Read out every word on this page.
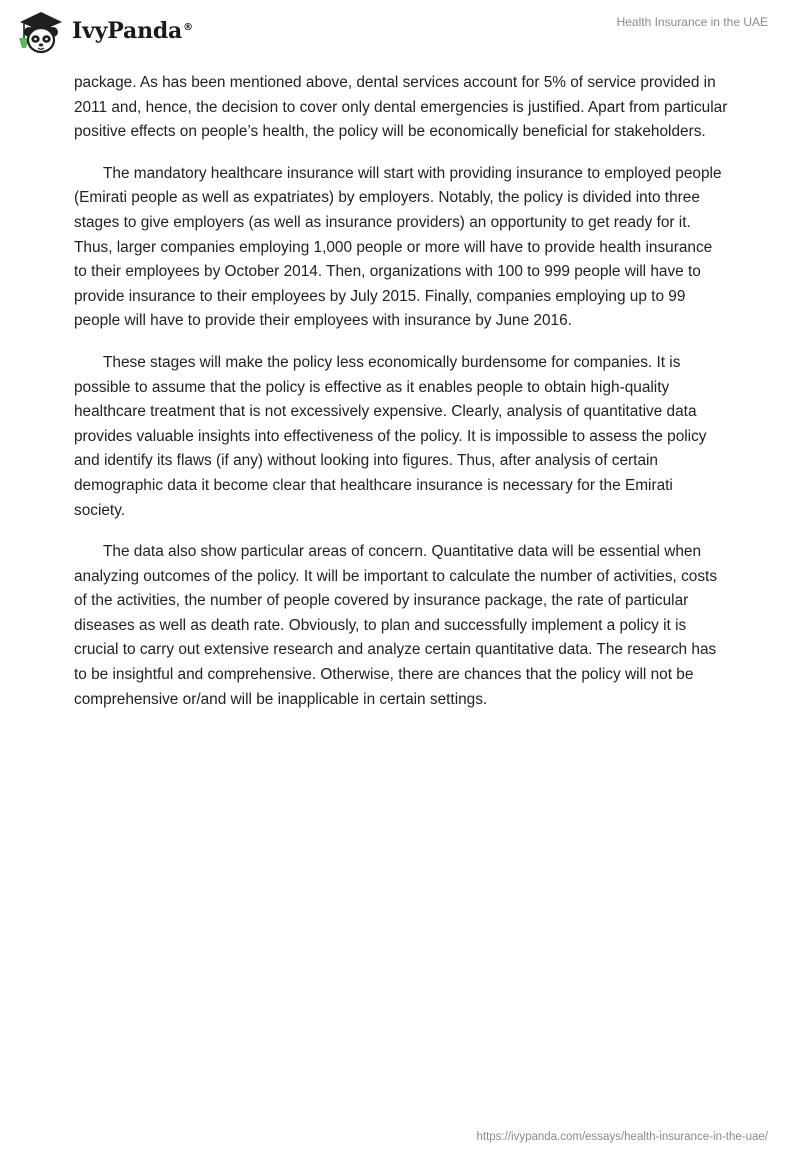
IvyPanda®	Health Insurance in the UAE

package. As has been mentioned above, dental services account for 5% of service provided in 2011 and, hence, the decision to cover only dental emergencies is justified. Apart from particular positive effects on people’s health, the policy will be economically beneficial for stakeholders.

The mandatory healthcare insurance will start with providing insurance to employed people (Emirati people as well as expatriates) by employers. Notably, the policy is divided into three stages to give employers (as well as insurance providers) an opportunity to get ready for it. Thus, larger companies employing 1,000 people or more will have to provide health insurance to their employees by October 2014. Then, organizations with 100 to 999 people will have to provide insurance to their employees by July 2015. Finally, companies employing up to 99 people will have to provide their employees with insurance by June 2016.

These stages will make the policy less economically burdensome for companies. It is possible to assume that the policy is effective as it enables people to obtain high-quality healthcare treatment that is not excessively expensive. Clearly, analysis of quantitative data provides valuable insights into effectiveness of the policy. It is impossible to assess the policy and identify its flaws (if any) without looking into figures. Thus, after analysis of certain demographic data it become clear that healthcare insurance is necessary for the Emirati society.

The data also show particular areas of concern. Quantitative data will be essential when analyzing outcomes of the policy. It will be important to calculate the number of activities, costs of the activities, the number of people covered by insurance package, the rate of particular diseases as well as death rate. Obviously, to plan and successfully implement a policy it is crucial to carry out extensive research and analyze certain quantitative data. The research has to be insightful and comprehensive. Otherwise, there are chances that the policy will not be comprehensive or/and will be inapplicable in certain settings.

https://ivypanda.com/essays/health-insurance-in-the-uae/
